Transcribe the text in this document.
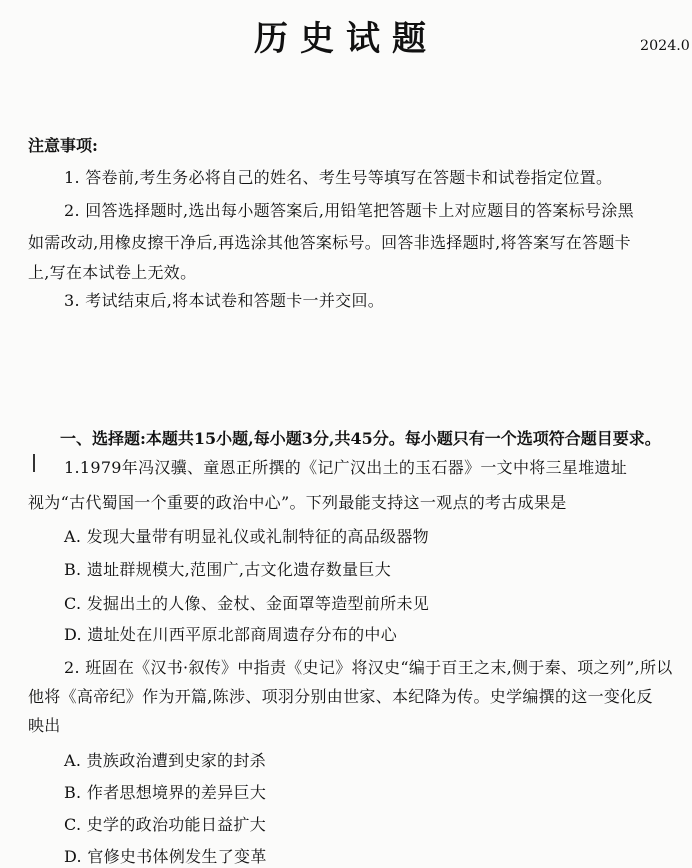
历史试题	2024.0
注意事项:
1. 答卷前,考生务必将自己的姓名、考生号等填写在答题卡和试卷指定位置。
2. 回答选择题时,选出每小题答案后,用铅笔把答题卡上对应题目的答案标号涂黑
如需改动,用橡皮擦干净后,再选涂其他答案标号。回答非选择题时,将答案写在答题卡
上,写在本试卷上无效。
3. 考试结束后,将本试卷和答题卡一并交回。
一、选择题:本题共15小题,每小题3分,共45分。每小题只有一个选项符合题目要求。
1.1979年冯汉骥、童恩正所撰的《记广汉出土的玉石器》一文中将三星堆遗址
视为“古代蜀国一个重要的政治中心”。下列最能支持这一观点的考古成果是
A. 发现大量带有明显礼仪或礼制特征的高品级器物
B. 遗址群规模大,范围广,古文化遗存数量巨大
C. 发掘出土的人像、金杖、金面罩等造型前所未见
D. 遗址处在川西平原北部商周遗存分布的中心
2. 班固在《汉书·叙传》中指责《史记》将汉史“编于百王之末,侧于秦、项之列”,所以
他将《高帝纪》作为开篇,陈涉、项羽分别由世家、本纪降为传。史学编撰的这一变化反
映出
A. 贵族政治遭到史家的封杀
B. 作者思想境界的差异巨大
C. 史学的政治功能日益扩大
D. 官修史书体例发生了变革
